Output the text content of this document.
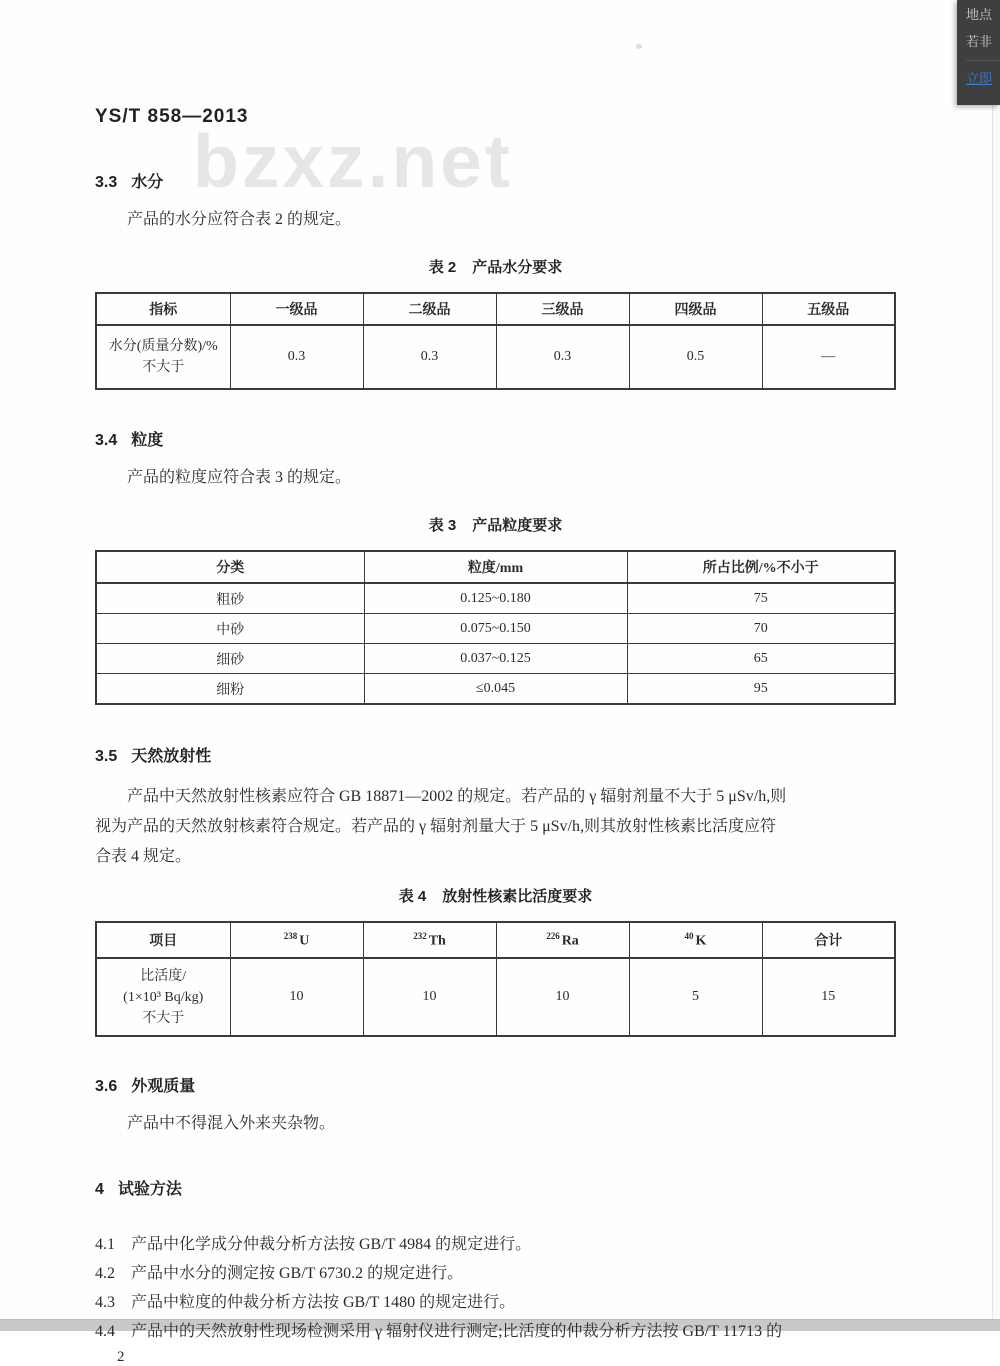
bzxz.net
YS/T 858—2013
3.3 水分
产品的水分应符合表 2 的规定。
表 2 产品水分要求
指标	一级品	二级品	三级品	四级品	五级品

水分(质量分数)/%
不大于	0.3	0.3	0.3	0.5	—
3.4 粒度
产品的粒度应符合表 3 的规定。
表 3 产品粒度要求
分类	粒度/mm	所占比例/%不小于
粗砂	0.125~0.180	75
中砂	0.075~0.150	70
细砂	0.037~0.125	65
细粉	≤0.045	95
3.5 天然放射性
产品中天然放射性核素应符合 GB 18871—2002 的规定。若产品的 γ 辐射剂量不大于 5 μSv/h,则
视为产品的天然放射核素符合规定。若产品的 γ 辐射剂量大于 5 μSv/h,则其放射性核素比活度应符
合表 4 规定。
表 4 放射性核素比活度要求
项目	$^{238}$ U	$^{232}$ Th	$^{226}$ Ra	$^{40}$ K	合计

比活度/
(1×10³ Bq/kg)
不大于	10	10	10	5	15
3.6 外观质量
产品中不得混入外来夹杂物。
4 试验方法
4.1 产品中化学成分仲裁分析方法按 GB/T 4984 的规定进行。
4.2 产品中水分的测定按 GB/T 6730.2 的规定进行。
4.3 产品中粒度的仲裁分析方法按 GB/T 1480 的规定进行。
4.4 产品中的天然放射性现场检测采用 γ 辐射仪进行测定;比活度的仲裁分析方法按 GB/T 11713 的
2
地点
若非
立即
